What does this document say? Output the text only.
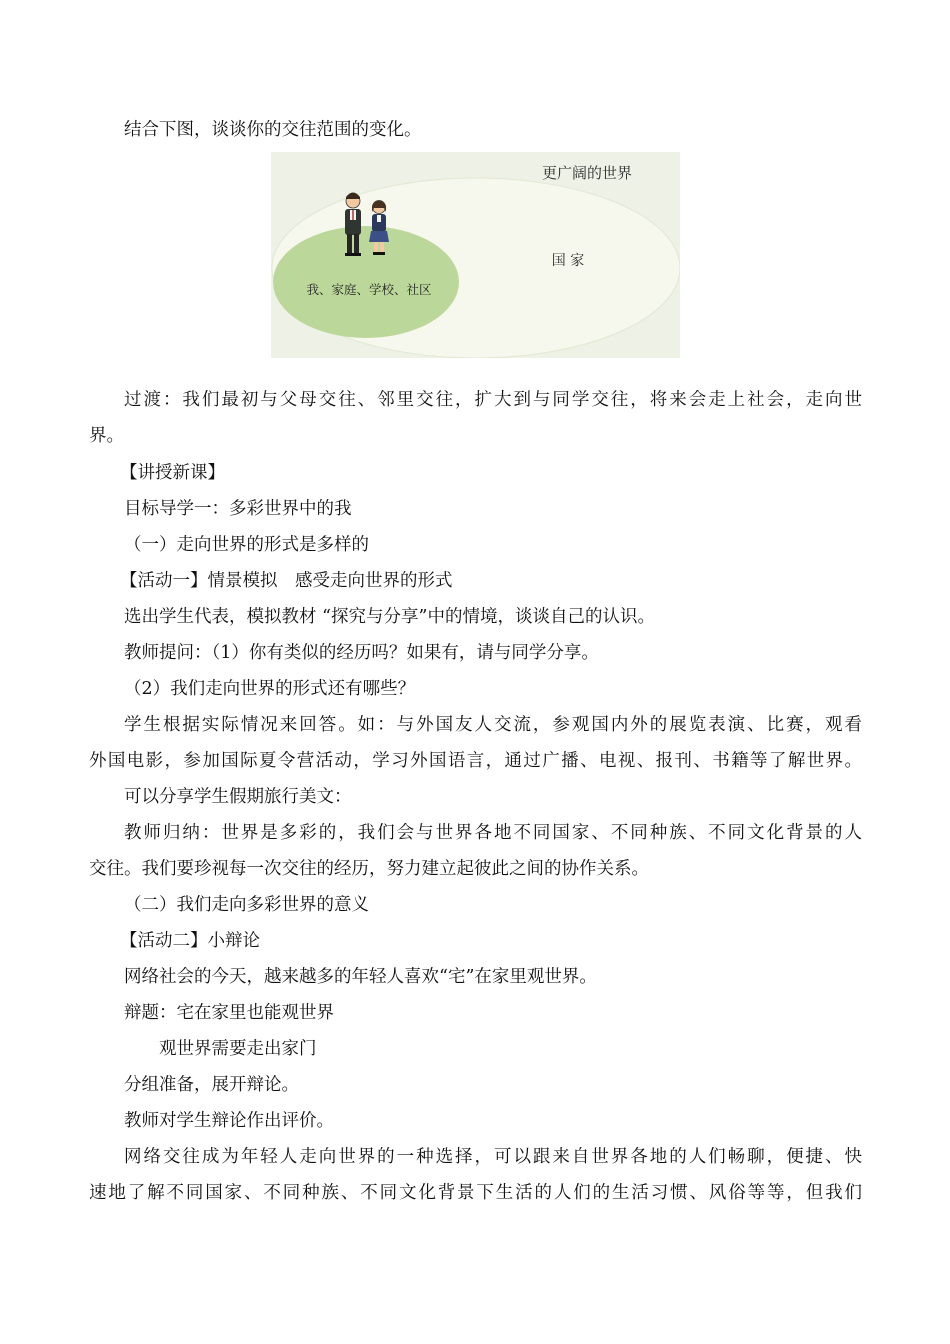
结合下图，谈谈你的交往范围的变化。
更广阔的世界
国 家
我、家庭、学校、社区
过渡：我们最初与父母交往、邻里交往，扩大到与同学交往，将来会走上社会，走向世
界。
【讲授新课】
目标导学一：多彩世界中的我
（一）走向世界的形式是多样的
【活动一】情景模拟　感受走向世界的形式
选出学生代表，模拟教材 “探究与分享”中的情境，谈谈自己的认识。
教师提问：（1）你有类似的经历吗？如果有，请与同学分享。
（2）我们走向世界的形式还有哪些？
学生根据实际情况来回答。如：与外国友人交流，参观国内外的展览表演、比赛，观看
外国电影，参加国际夏令营活动，学习外国语言，通过广播、电视、报刊、书籍等了解世界。
可以分享学生假期旅行美文：
教师归纳：世界是多彩的，我们会与世界各地不同国家、不同种族、不同文化背景的人
交往。我们要珍视每一次交往的经历，努力建立起彼此之间的协作关系。
（二）我们走向多彩世界的意义
【活动二】小辩论
网络社会的今天，越来越多的年轻人喜欢“宅”在家里观世界。
辩题：宅在家里也能观世界
观世界需要走出家门
分组准备，展开辩论。
教师对学生辩论作出评价。
网络交往成为年轻人走向世界的一种选择，可以跟来自世界各地的人们畅聊，便捷、快
速地了解不同国家、不同种族、不同文化背景下生活的人们的生活习惯、风俗等等，但我们
